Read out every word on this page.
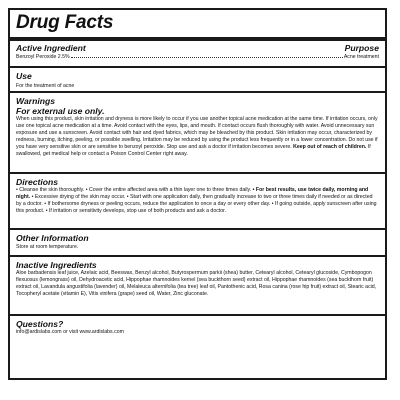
Drug Facts
Active Ingredient	Purpose
Benzoyl Peroxide 2.5%	Acne treatment
Use
For the treatment of acne
Warnings
For external use only.
When using this product, skin irritation and dryness is more likely to occur if you use another topical acne medication at the same time. If irritation occurs, only use one topical acne medication at a time. Avoid contact with the eyes, lips, and mouth. If contact occurs flush thoroughly with water. Avoid unnecessary sun exposure and use a sunscreen. Avoid contact with hair and dyed fabrics, which may be bleached by this product. Skin irritation may occur, characterized by redness, burning, itching, peeling, or possible swelling. Irritation may be reduced by using the product less frequently or in a lower concentration. Do not use if you have very sensitive skin or are sensitive to benzoyl peroxide. Stop use and ask a doctor if irritation becomes severe. Keep out of reach of children. If swallowed, get medical help or contact a Poison Control Center right away.
Directions
• Cleanse the skin thoroughly. • Cover the entire affected area with a thin layer one to three times daily. • For best results, use twice daily, morning and night. • Excessive drying of the skin may occur. • Start with one application daily, then gradually increase to two or three times daily if needed or as directed by a doctor. • If bothersome dryness or peeling occurs, reduce the application to once a day or every other day. • If going outside, apply sunscreen after using this product. • If irritation or sensitivity develops, stop use of both products and ask a doctor.
Other Information
Store at room temperature.
Inactive Ingredients
Aloe barbadensis leaf juice, Azelaic acid, Beeswax, Benzyl alcohol, Butyrospermum parkii (shea) butter, Cetearyl alcohol, Cetearyl glucoside, Cymbopogon flexuosus (lemongrass) oil, Dehydroacetic acid, Hippophae rhamnoides kernel (sea buckthorn seed) extract oil, Hippophae rhamnoides (sea buckthorn fruit) extract oil, Lavandula angustifolia (lavender) oil, Melaleuca alternifolia (tea tree) leaf oil, Pantothenic acid, Rosa canina (rose hip fruit) extract oil, Stearic acid, Tocopheryl acetate (vitamin E), Vitis vinifera (grape) seed oil, Water, Zinc gluconate.
Questions?
info@ardislabs.com or visit www.ardislabs.com
